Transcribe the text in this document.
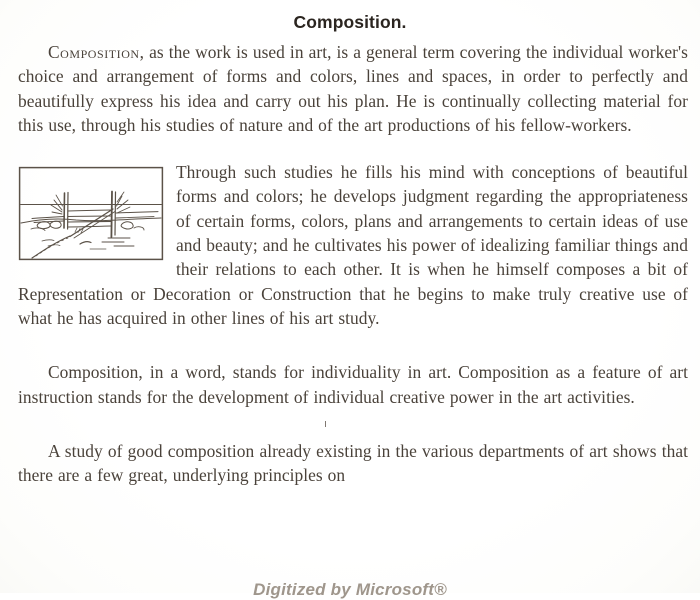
Composition.

Composition, as the work is used in art, is a general term covering the individual worker's choice and arrangement of forms and colors, lines and spaces, in order to perfectly and beautifully express his idea and carry out his plan. He is continually collecting material for this use, through his studies of nature and of the art productions of his fellow-workers.

Through such studies he fills his mind with conceptions of beautiful forms and colors; he develops judgment regarding the appropriateness of certain forms, colors, plans and arrangements to certain ideas of use and beauty; and he cultivates his power of idealizing familiar things and their relations to each other. It is when he himself composes a bit of Representation or Decoration or Construction that he begins to make truly creative use of what he has acquired in other lines of his art study.

Composition, in a word, stands for individuality in art. Composition as a feature of art instruction stands for the development of individual creative power in the art activities.

A study of good composition already existing in the various departments of art shows that there are a few great, underlying principles on

Digitized by Microsoft®
